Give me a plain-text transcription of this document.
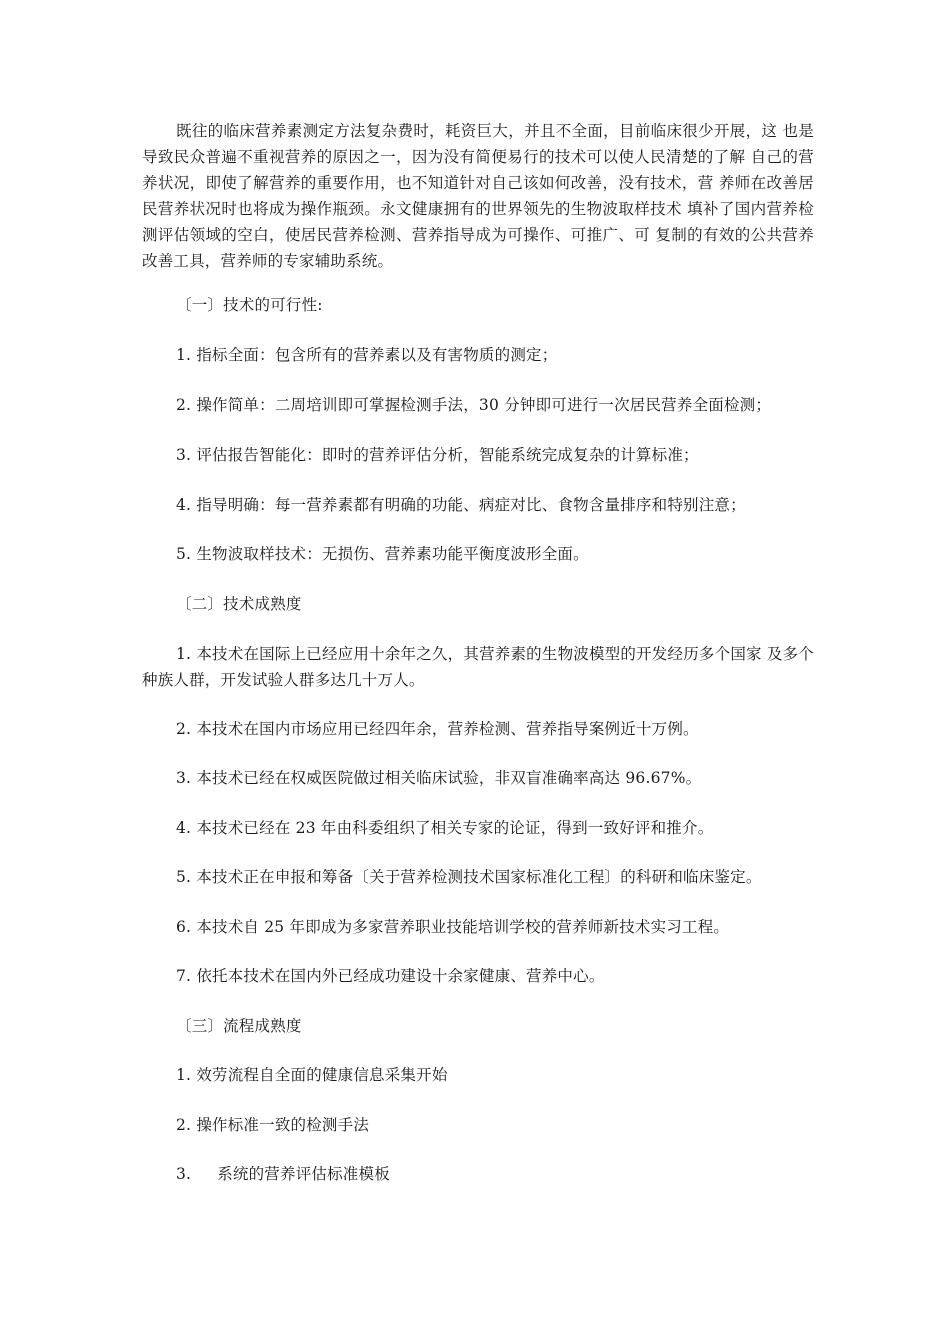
既往的临床营养素测定方法复杂费时，耗资巨大，并且不全面，目前临床很少开展，这 也是导致民众普遍不重视营养的原因之一，因为没有简便易行的技术可以使人民清楚的了解 自己的营养状况，即使了解营养的重要作用，也不知道针对自己该如何改善，没有技术，营 养师在改善居民营养状况时也将成为操作瓶颈。永文健康拥有的世界领先的生物波取样技术 填补了国内营养检测评估领域的空白，使居民营养检测、营养指导成为可操作、可推广、可 复制的有效的公共营养改善工具，营养师的专家辅助系统。

〔一〕技术的可行性:

1. 指标全面：包含所有的营养素以及有害物质的测定；

2. 操作简单：二周培训即可掌握检测手法，30 分钟即可进行一次居民营养全面检测；

3. 评估报告智能化：即时的营养评估分析，智能系统完成复杂的计算标准；

4. 指导明确：每一营养素都有明确的功能、病症对比、食物含量排序和特别注意；

5. 生物波取样技术：无损伤、营养素功能平衡度波形全面。

〔二〕技术成熟度

1. 本技术在国际上已经应用十余年之久，其营养素的生物波模型的开发经历多个国家 及多个种族人群，开发试验人群多达几十万人。

2. 本技术在国内市场应用已经四年余，营养检测、营养指导案例近十万例。

3. 本技术已经在权威医院做过相关临床试验，非双盲准确率高达 96.67%。

4. 本技术已经在 23 年由科委组织了相关专家的论证，得到一致好评和推介。

5. 本技术正在申报和筹备〔关于营养检测技术国家标准化工程〕的科研和临床鉴定。

6. 本技术自 25 年即成为多家营养职业技能培训学校的营养师新技术实习工程。

7. 依托本技术在国内外已经成功建设十余家健康、营养中心。

〔三〕流程成熟度

1. 效劳流程自全面的健康信息采集开始

2. 操作标准一致的检测手法

3. 系统的营养评估标准模板
